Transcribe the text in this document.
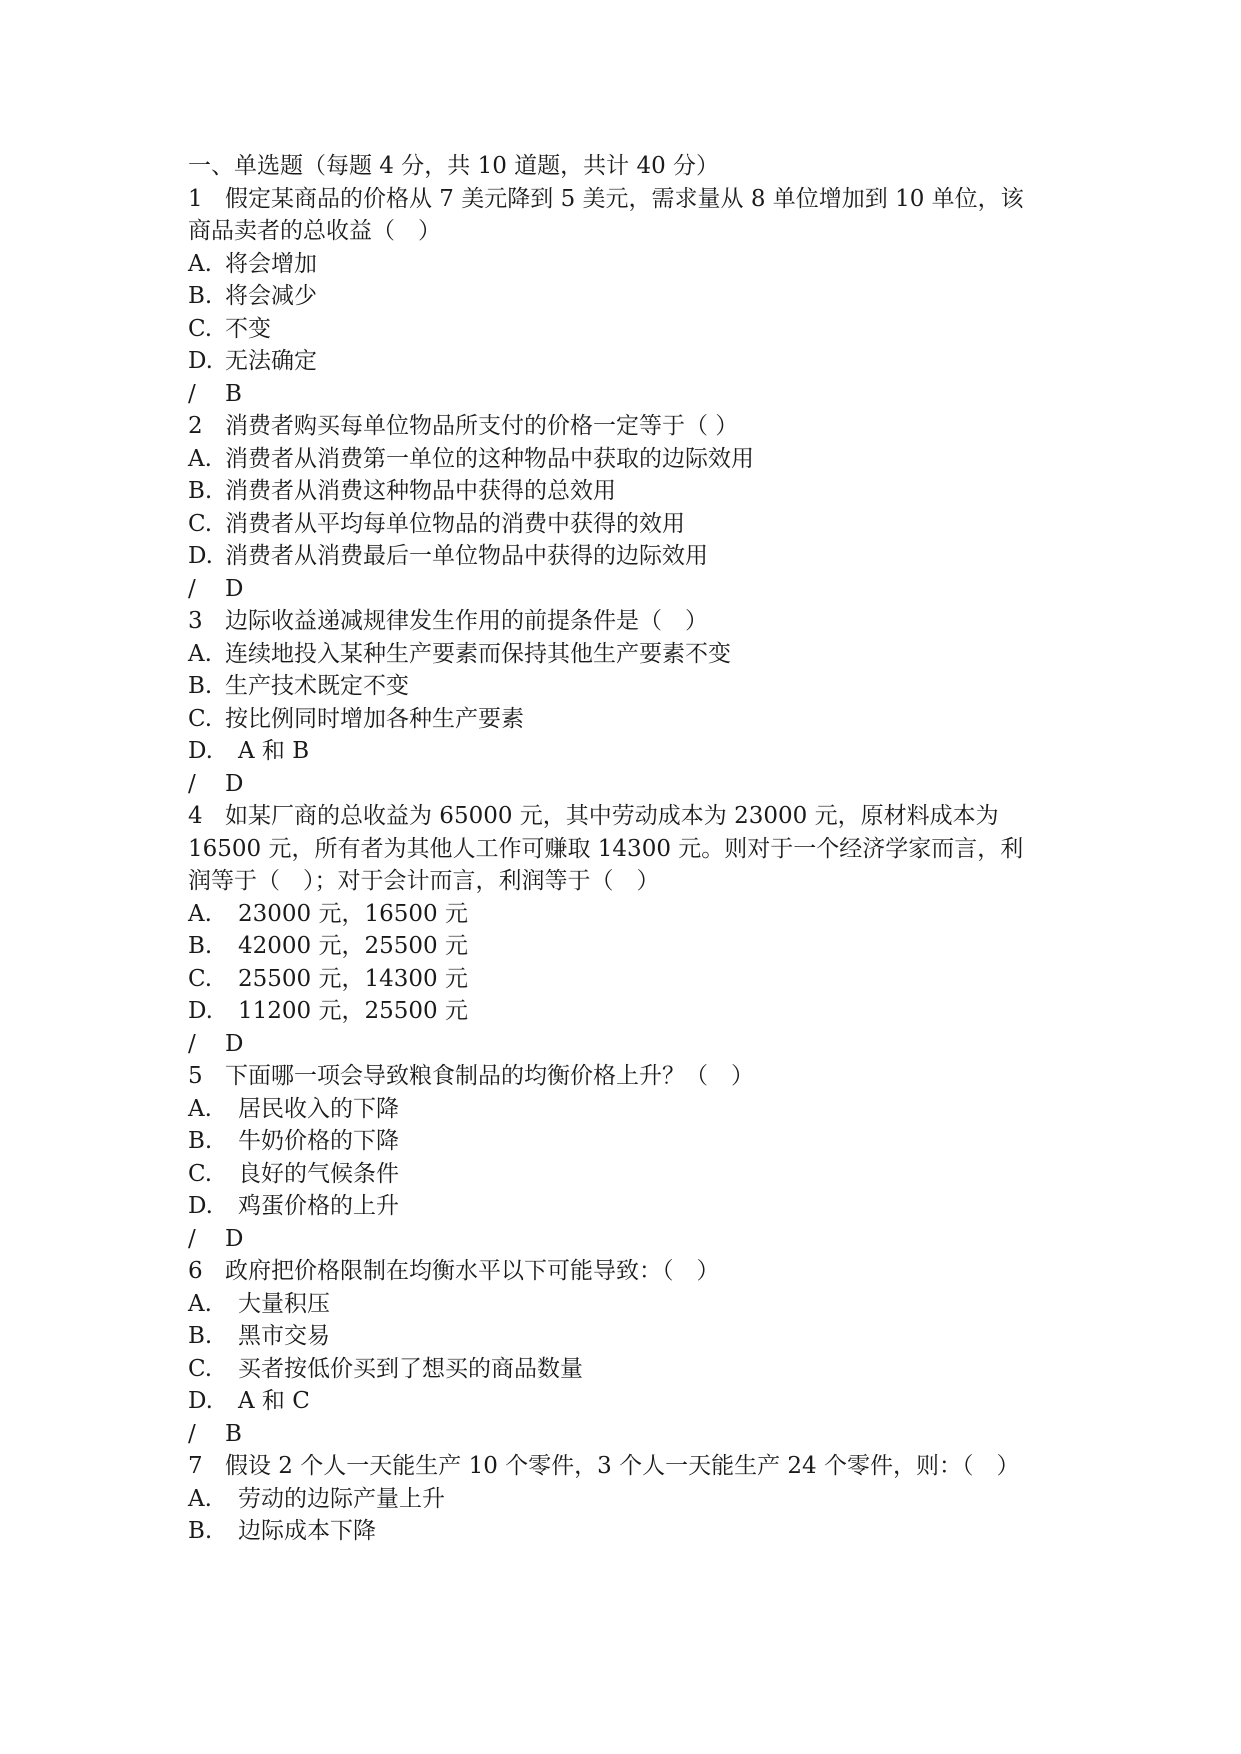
一、单选题（每题 4 分，共 10 道题，共计 40 分）
1 假定某商品的价格从 7 美元降到 5 美元，需求量从 8 单位增加到 10 单位，该
商品卖者的总收益（　）
A. 将会增加
B. 将会减少
C. 不变
D. 无法确定
/ B
2 消费者购买每单位物品所支付的价格一定等于（ ）
A. 消费者从消费第一单位的这种物品中获取的边际效用
B. 消费者从消费这种物品中获得的总效用
C. 消费者从平均每单位物品的消费中获得的效用
D. 消费者从消费最后一单位物品中获得的边际效用
/ D
3 边际收益递减规律发生作用的前提条件是（　）
A. 连续地投入某种生产要素而保持其他生产要素不变
B. 生产技术既定不变
C. 按比例同时增加各种生产要素
D. A 和 B
/ D
4 如某厂商的总收益为 65000 元，其中劳动成本为 23000 元，原材料成本为
16500 元，所有者为其他人工作可赚取 14300 元。则对于一个经济学家而言，利
润等于（　）；对于会计而言，利润等于（　）
A. 23000 元，16500 元
B. 42000 元，25500 元
C. 25500 元，14300 元
D. 11200 元，25500 元
/ D
5 下面哪一项会导致粮食制品的均衡价格上升？（　）
A. 居民收入的下降
B. 牛奶价格的下降
C. 良好的气候条件
D. 鸡蛋价格的上升
/ D
6 政府把价格限制在均衡水平以下可能导致：（　）
A. 大量积压
B. 黑市交易
C. 买者按低价买到了想买的商品数量
D. A 和 C
/ B
7 假设 2 个人一天能生产 10 个零件，3 个人一天能生产 24 个零件，则：（　）
A. 劳动的边际产量上升
B. 边际成本下降
